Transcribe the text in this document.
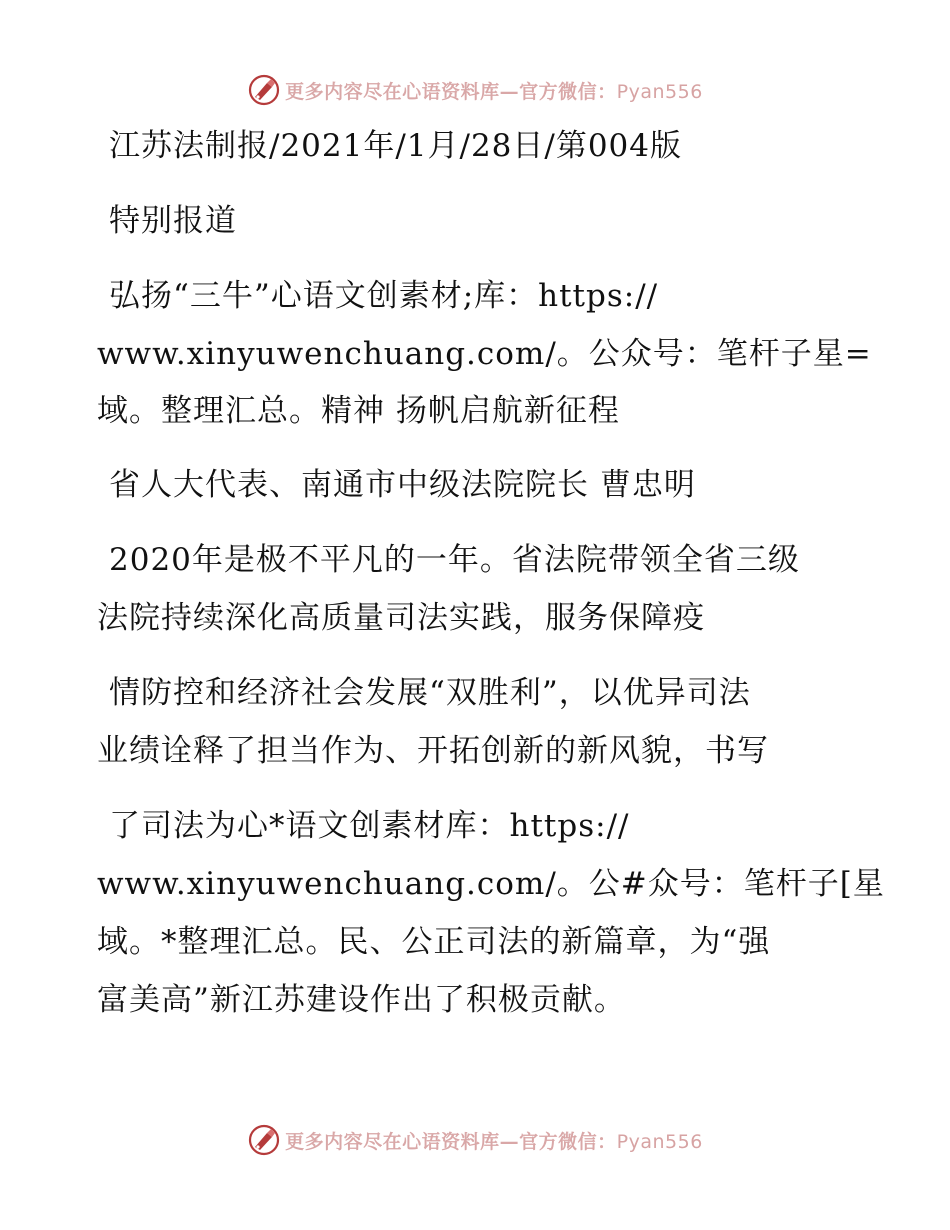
更多内容尽在心语资料库—官方微信：Pyan556
江苏法制报/2021年/1月/28日/第004版
特别报道
弘扬“三牛”心语文创素材;库：https://
www.xinyuwenchuang.com/。公众号：笔杆子星=
域。整理汇总。精神 扬帆启航新征程
省人大代表、南通市中级法院院长 曹忠明
2020年是极不平凡的一年。省法院带领全省三级
法院持续深化高质量司法实践，服务保障疫
情防控和经济社会发展“双胜利”，以优异司法
业绩诠释了担当作为、开拓创新的新风貌，书写
了司法为心*语文创素材库：https://
www.xinyuwenchuang.com/。公#众号：笔杆子[星
域。*整理汇总。民、公正司法的新篇章，为“强
富美高”新江苏建设作出了积极贡献。
更多内容尽在心语资料库—官方微信：Pyan556
